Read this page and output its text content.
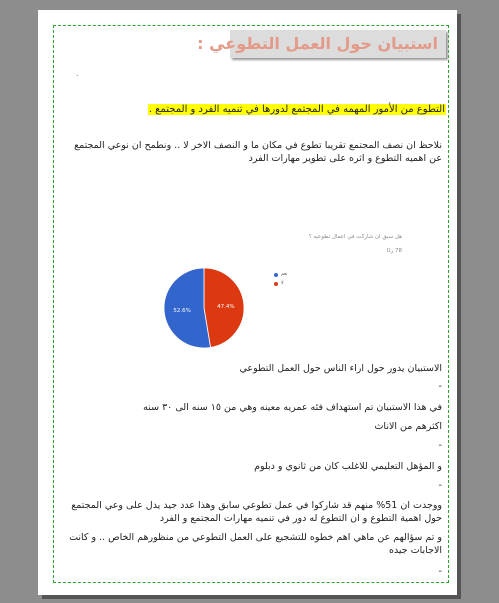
استبيان حول العمل التطوعي :
.
التطوع من الأمور المهمه في المجتمع لدورها في تنميه الفرد و المجتمع .
نلاحظ ان نصف المجتمع تقريبا تطوع في مكان ما و النصف الاخر لا .. ونطمح ان نوعي المجتمع عن اهميه التطوع و اثره على تطوير مهارات الفرد
هل سبق ان شاركت في اعمال تطوعيه ؟
78 ردًا
47.4%
52.6%
نعم
لا
الاستبيان يدور حول اراء الناس حول العمل التطوعي
-
في هذا الاستبيان تم استهداف فئه عمريه معينه وهي من ١٥ سنه الى ٣٠ سنه
اكثرهم من الاناث
-
و المؤهل التعليمي للاغلب كان من ثانوي و دبلوم
-
ووجدت ان 51% منهم قد شاركوا في عمل تطوعي سابق وهذا عدد جيد يدل على وعي المجتمع حول اهمية التطوع و ان التطوع له دور في تنميه مهارات المجتمع و الفرد
و تم سؤالهم عن ماهي اهم خطوه للتشجيع على العمل التطوعي من منظورهم الخاص .. و كانت الاجابات جيده
-
